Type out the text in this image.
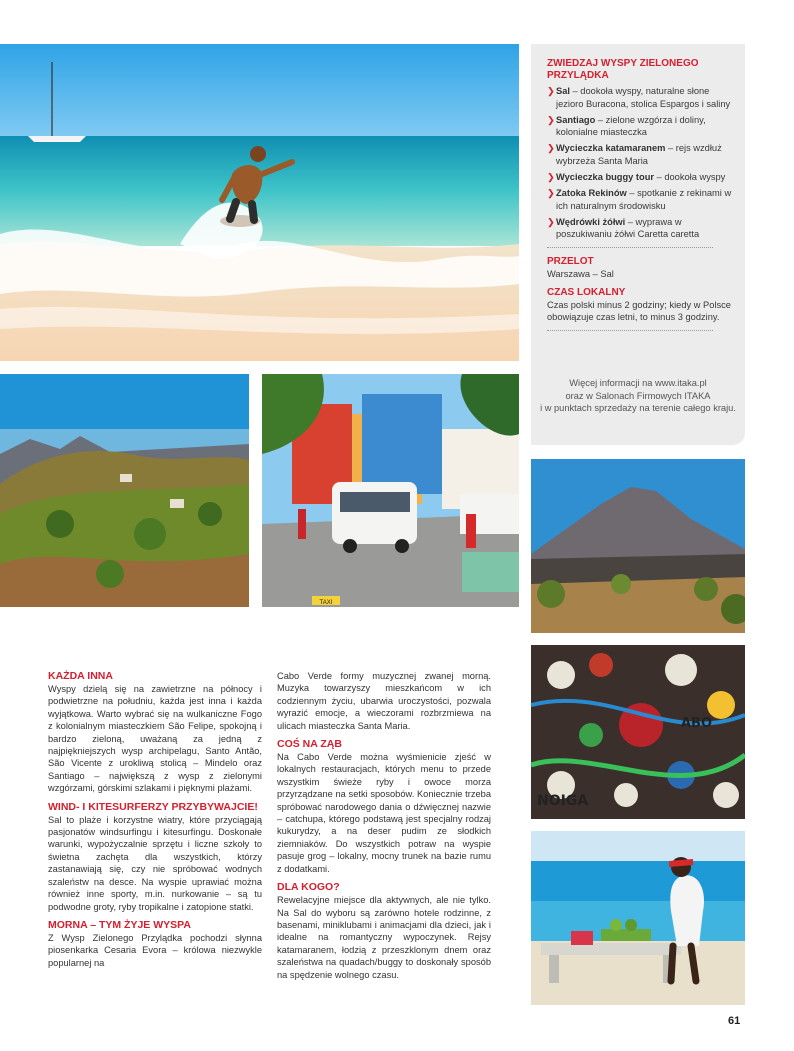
ZWIEDZAJ WYSPY ZIELONEGO PRZYLĄDKA
❯ Sal – dookoła wyspy, naturalne słone jezioro Buracona, stolica Espargos i saliny
❯ Santiago – zielone wzgórza i doliny, kolonialne miasteczka
❯ Wycieczka katamaranem – rejs wzdłuż wybrzeża Santa Maria
❯ Wycieczka buggy tour – dookoła wyspy
❯ Zatoka Rekinów – spotkanie z rekinami w ich naturalnym środowisku
❯ Wędrówki żółwi – wyprawa w poszukiwaniu żółwi Caretta caretta
PRZELOT
Warszawa – Sal
CZAS LOKALNY
Czas polski minus 2 godziny; kiedy w Polsce obowiązuje czas letni, to minus 3 godziny.
Więcej informacji na www.itaka.pl
oraz w Salonach Firmowych ITAKA
i w punktach sprzedaży na terenie całego kraju.
TAXI
ABO
NOIGA
KAŻDA INNA

Wyspy dzielą się na zawietrzne na północy i podwietrzne na południu, każda jest inna i każda wyjątkowa. Warto wybrać się na wulkaniczne Fogo z kolonialnym miasteczkiem São Felipe, spokojną i bardzo zieloną, uważaną za jedną z najpiękniejszych wysp archipelagu, Santo Antão, São Vicente z urokliwą stolicą – Mindelo oraz Santiago – największą z wysp z zielonymi wzgórzami, górskimi szlakami i pięknymi plażami.

WIND- I KITESURFERZY PRZYBYWAJCIE!

Sal to plaże i korzystne wiatry, które przyciągają pasjonatów windsurfingu i kitesurfingu. Doskonałe warunki, wypożyczalnie sprzętu i liczne szkoły to świetna zachęta dla wszystkich, którzy zastanawiają się, czy nie spróbować wodnych szaleństw na desce. Na wyspie uprawiać można również inne sporty, m.in. nurkowanie – są tu podwodne groty, ryby tropikalne i zatopione statki.

MORNA – TYM ŻYJE WYSPA

Z Wysp Zielonego Przylądka pochodzi słynna piosenkarka Cesaria Evora – królowa niezwykle popularnej na

Cabo Verde formy muzycznej zwanej morną. Muzyka towarzyszy mieszkańcom w ich codziennym życiu, ubarwia uroczystości, pozwala wyrazić emocje, a wieczorami rozbrzmiewa na ulicach miasteczka Santa Maria.

COŚ NA ZĄB

Na Cabo Verde można wyśmienicie zjeść w lokalnych restauracjach, których menu to przede wszystkim świeże ryby i owoce morza przyrządzane na setki sposobów. Koniecznie trzeba spróbować narodowego dania o dźwięcznej nazwie – catchupa, którego podstawą jest specjalny rodzaj kukurydzy, a na deser pudim ze słodkich ziemniaków. Do wszystkich potraw na wyspie pasuje grog – lokalny, mocny trunek na bazie rumu z dodatkami.

DLA KOGO?

Rewelacyjne miejsce dla aktywnych, ale nie tylko. Na Sal do wyboru są zarówno hotele rodzinne, z basenami, miniklubami i animacjami dla dzieci, jak i idealne na romantyczny wypoczynek. Rejsy katamaranem, łodzią z przeszklonym dnem oraz szaleństwa na quadach/buggy to doskonały sposób na spędzenie wolnego czasu.

61
